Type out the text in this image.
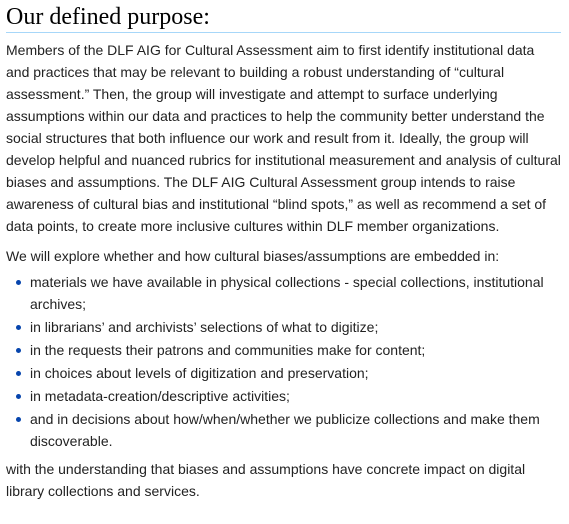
Our defined purpose:

Members of the DLF AIG for Cultural Assessment aim to first identify institutional data and practices that may be relevant to building a robust understanding of “cultural assessment.” Then, the group will investigate and attempt to surface underlying assumptions within our data and practices to help the community better understand the social structures that both influence our work and result from it. Ideally, the group will develop helpful and nuanced rubrics for institutional measurement and analysis of cultural biases and assumptions. The DLF AIG Cultural Assessment group intends to raise awareness of cultural bias and institutional “blind spots,” as well as recommend a set of data points, to create more inclusive cultures within DLF member organizations.

We will explore whether and how cultural biases/assumptions are embedded in:

materials we have available in physical collections - special collections, institutional archives;
in librarians’ and archivists’ selections of what to digitize;
in the requests their patrons and communities make for content;
in choices about levels of digitization and preservation;
in metadata-creation/descriptive activities;
and in decisions about how/when/whether we publicize collections and make them discoverable.

with the understanding that biases and assumptions have concrete impact on digital library collections and services.
